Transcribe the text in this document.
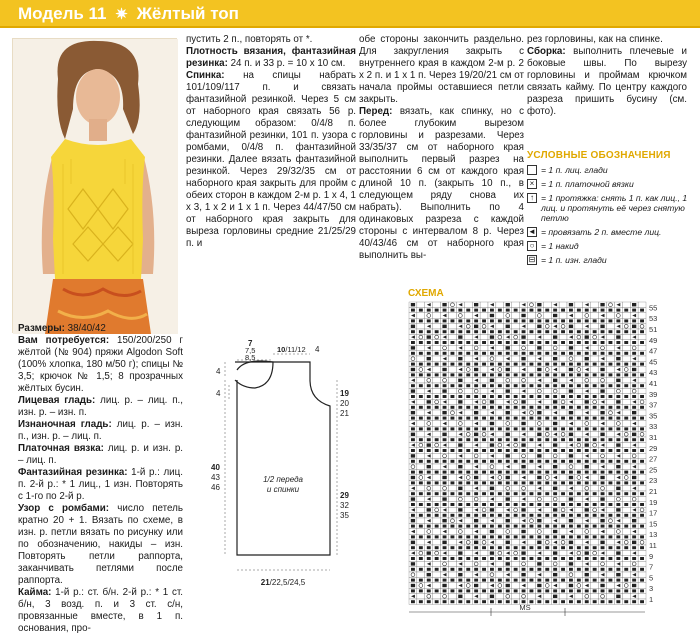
Модель 11 ✷ Жёлтый топ

Размеры: 38/40/42

Вам потребуется: 150/200/250 г жёлтой (№ 904) пряжи Algodon Soft (100% хлопка, 180 м/50 г); спицы № 3,5; крючок № 1,5; 8 прозрачных жёлтых бусин.

Лицевая гладь: лиц. р. – лиц. п., изн. р. – изн. п.

Изнаночная гладь: лиц. р. – изн. п., изн. р. – лиц. п.

Платочная вязка: лиц. р. и изн. р. – лиц. п.

Фантазийная резинка: 1-й р.: лиц. п. 2-й р.: * 1 лиц., 1 изн. Повторять с 1-го по 2-й р.

Узор с ромбами: число петель кратно 20 + 1. Вязать по схеме, в изн. р. петли вязать по рисунку или по обозначению, накиды – изн. Повторять петли раппорта, заканчивать петлями после раппорта.

Кайма: 1-й р.: ст. б/н. 2-й р.: * 1 ст. б/н, 3 возд. п. и 3 ст. с/н, провязанные вместе, в 1 п. основания, про-

пустить 2 п., повторять от *.

Плотность вязания, фантазийная резинка: 24 п. и 33 р. = 10 х 10 см.

Спинка: на спицы набрать 101/109/117 п. и связать фантазийной резинкой. Через 5 см от наборного края связать 56 р. следующим образом: 0/4/8 п. фантазийной резинки, 101 п. узора с ромбами, 0/4/8 п. фантазийной резинки. Далее вязать фантазийной резинкой. Через 29/32/35 см от наборного края закрыть для пройм с обеих сторон в каждом 2-м р. 1 х 4, 1 х 3, 1 х 2 и 1 х 1 п. Через 44/47/50 см от наборного края закрыть для выреза горловины средние 21/25/29 п. и

обе стороны закончить раздельно. Для закругления закрыть с внутреннего края в каждом 2-м р. 2 х 2 п. и 1 х 1 п. Через 19/20/21 см от начала проймы оставшиеся петли закрыть.

Перед: вязать, как спинку, но с более глубоким вырезом горловины и разрезами. Через 33/35/37 см от наборного края выполнить первый разрез на расстоянии 6 см от каждого края длиной 10 п. (закрыть 10 п., в следующем ряду снова их набрать). Выполнить по 4 одинаковых разреза с каждой стороны с интервалом 8 р. Через 40/43/46 см от наборного края выполнить вы-

рез горловины, как на спинке.

Сборка: выполнить плечевые и боковые швы. По вырезу горловины и проймам крючком связать кайму. По центру каждого разреза пришить бусину (см. фото).

УСЛОВНЫЕ ОБОЗНАЧЕНИЯ
= 1 п. лиц. глади
× = 1 п. платочной вязки
↑ = 1 протяжка: снять 1 п. как лиц., 1 лиц. и протянуть её через снятую петлю
◄ = провязать 2 п. вместе лиц.
○ = 1 накид
⊟ = 1 п. изн. глади
СХЕМА
55
53
51
49
47
45
43
41
39
37
35
33
31
29
27
25
23
21
19
17
15
13
11
9
7
5
3
1
MS
7
7,5
8,5
10/11/12 4
4
4	19
20
21
40
43
46
1/2 переда
и спинки
29
32
35
21/22,5/24,5
